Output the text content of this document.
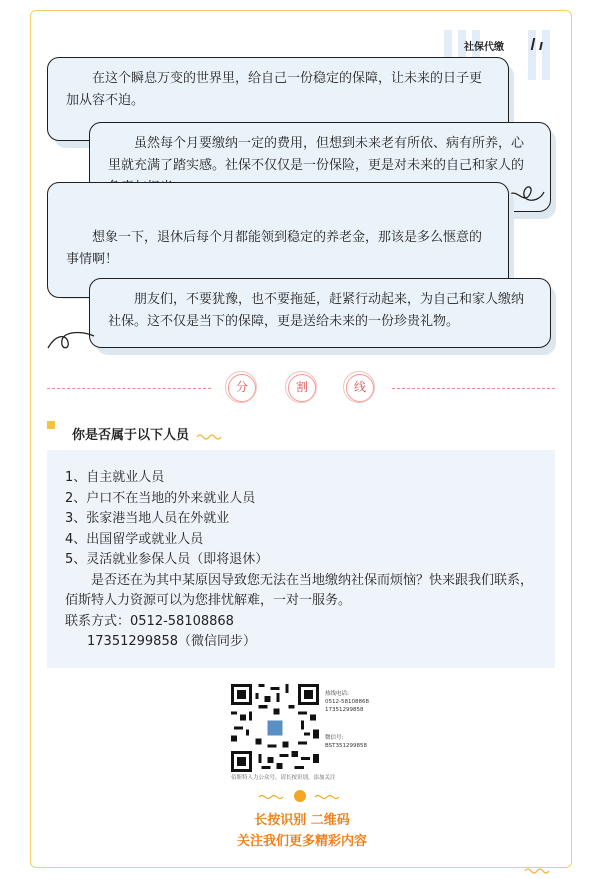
社保代缴

在这个瞬息万变的世界里，给自己一份稳定的保障，让未来的日子更加从容不迫。

虽然每个月要缴纳一定的费用，但想到未来老有所依、病有所养，心里就充满了踏实感。社保不仅仅是一份保险，更是对未来的自己和家人的

想象一下，退休后每个月都能领到稳定的养老金，那该是多么惬意的事情啊！

朋友们，不要犹豫，也不要拖延，赶紧行动起来，为自己和家人缴纳社保。这不仅是当下的保障，更是送给未来的一份珍贵礼物。

分	割	线
你是否属于以下人员
1、自主就业人员
2、户口不在当地的外来就业人员
3、张家港当地人员在外就业
4、出国留学或就业人员
5、灵活就业参保人员（即将退休）
是否还在为其中某原因导致您无法在当地缴纳社保而烦恼？快来跟我们联系，佰斯特人力资源可以为您排忧解难，一对一服务。
联系方式：0512-58108868
17351299858（微信同步）
热线电话:
0512-58108868
17351299858
微信号:
BST351299858
佰斯特人力公众号，请长按识别，添加关注
长按识别 二维码
关注我们更多精彩内容
